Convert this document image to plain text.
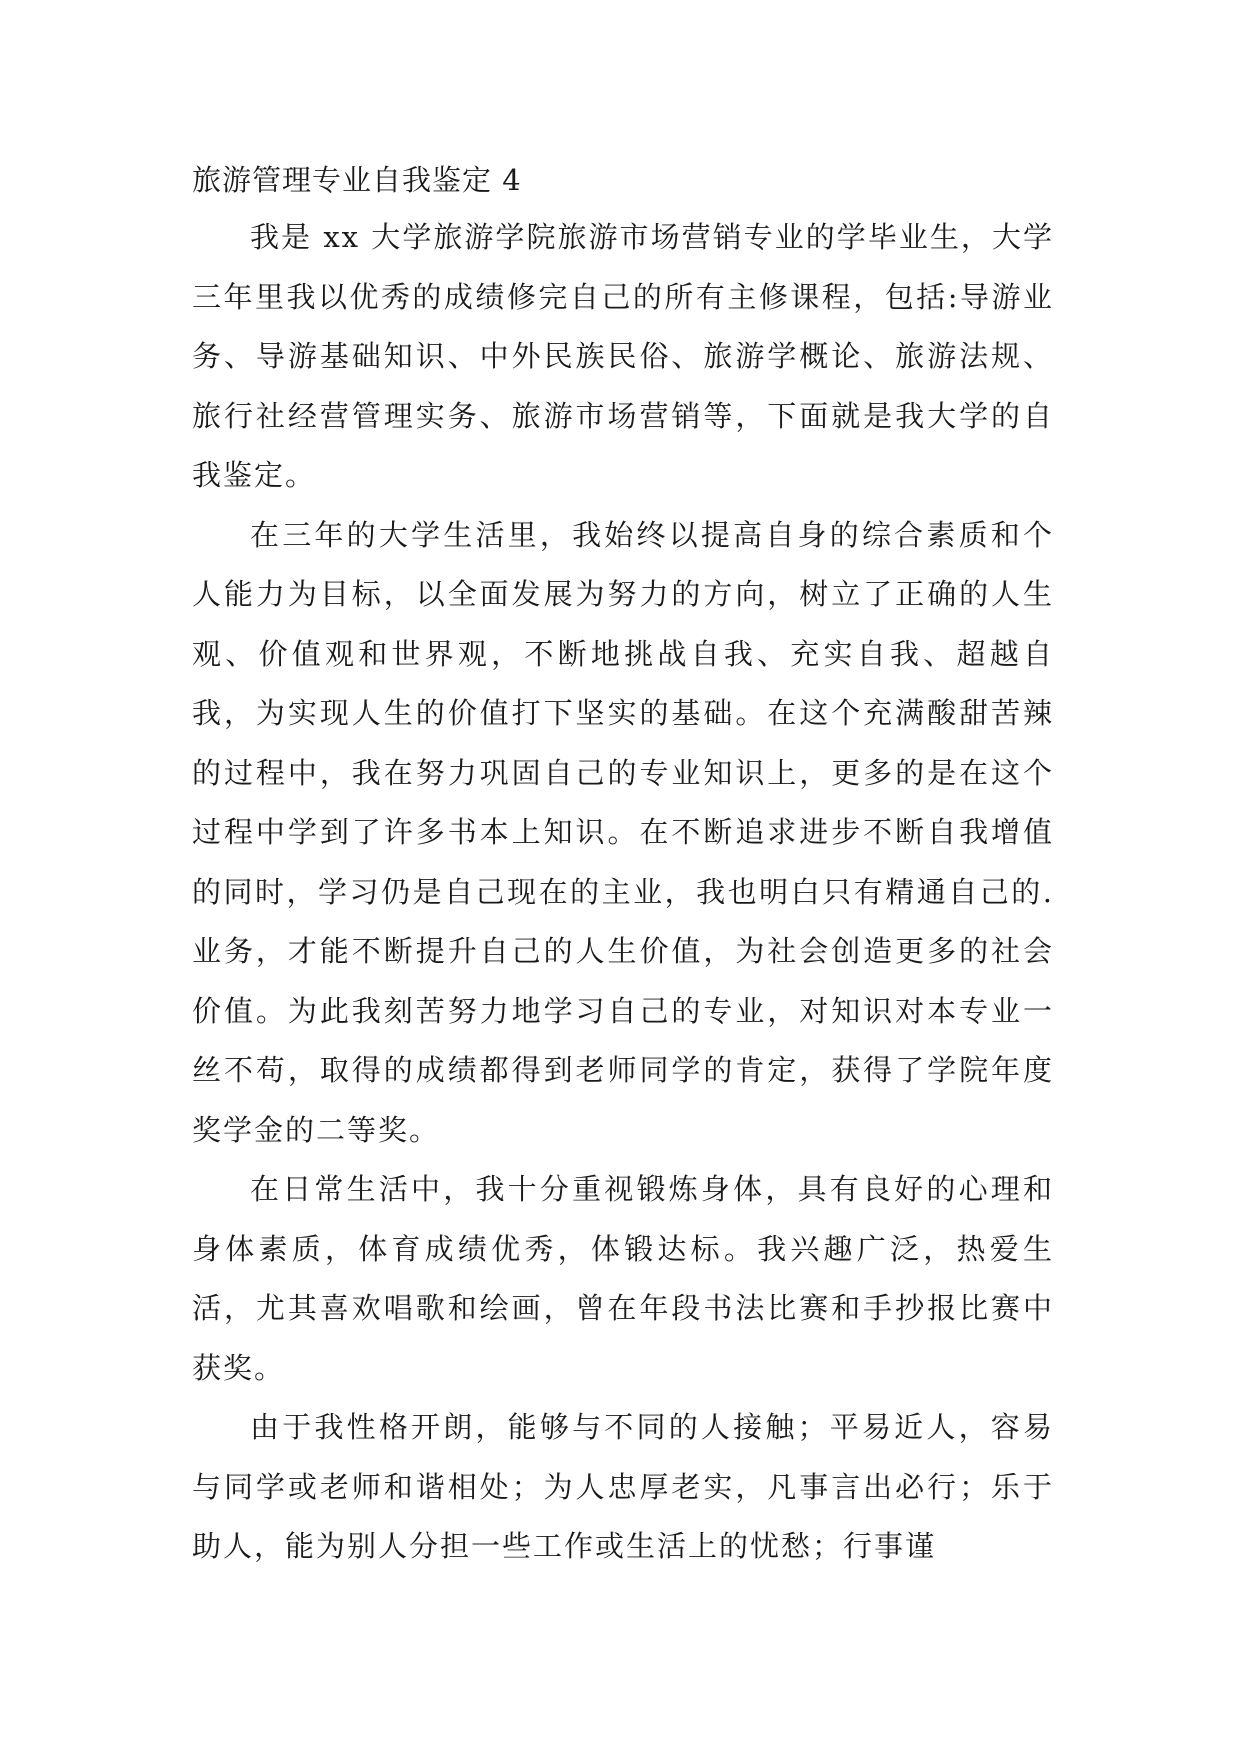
旅游管理专业自我鉴定 4

我是 xx 大学旅游学院旅游市场营销专业的学毕业生，大学三年里我以优秀的成绩修完自己的所有主修课程，包括:导游业务、导游基础知识、中外民族民俗、旅游学概论、旅游法规、旅行社经营管理实务、旅游市场营销等，下面就是我大学的自我鉴定。

在三年的大学生活里，我始终以提高自身的综合素质和个人能力为目标，以全面发展为努力的方向，树立了正确的人生观、价值观和世界观，不断地挑战自我、充实自我、超越自我，为实现人生的价值打下坚实的基础。在这个充满酸甜苦辣的过程中，我在努力巩固自己的专业知识上，更多的是在这个过程中学到了许多书本上知识。在不断追求进步不断自我增值的同时，学习仍是自己现在的主业，我也明白只有精通自己的. 业务，才能不断提升自己的人生价值，为社会创造更多的社会价值。为此我刻苦努力地学习自己的专业，对知识对本专业一丝不苟，取得的成绩都得到老师同学的肯定，获得了学院年度奖学金的二等奖。

在日常生活中，我十分重视锻炼身体，具有良好的心理和身体素质，体育成绩优秀，体锻达标。我兴趣广泛，热爱生活，尤其喜欢唱歌和绘画，曾在年段书法比赛和手抄报比赛中获奖。

由于我性格开朗，能够与不同的人接触；平易近人，容易与同学或老师和谐相处；为人忠厚老实，凡事言出必行；乐于助人，能为别人分担一些工作或生活上的忧愁；行事谨
